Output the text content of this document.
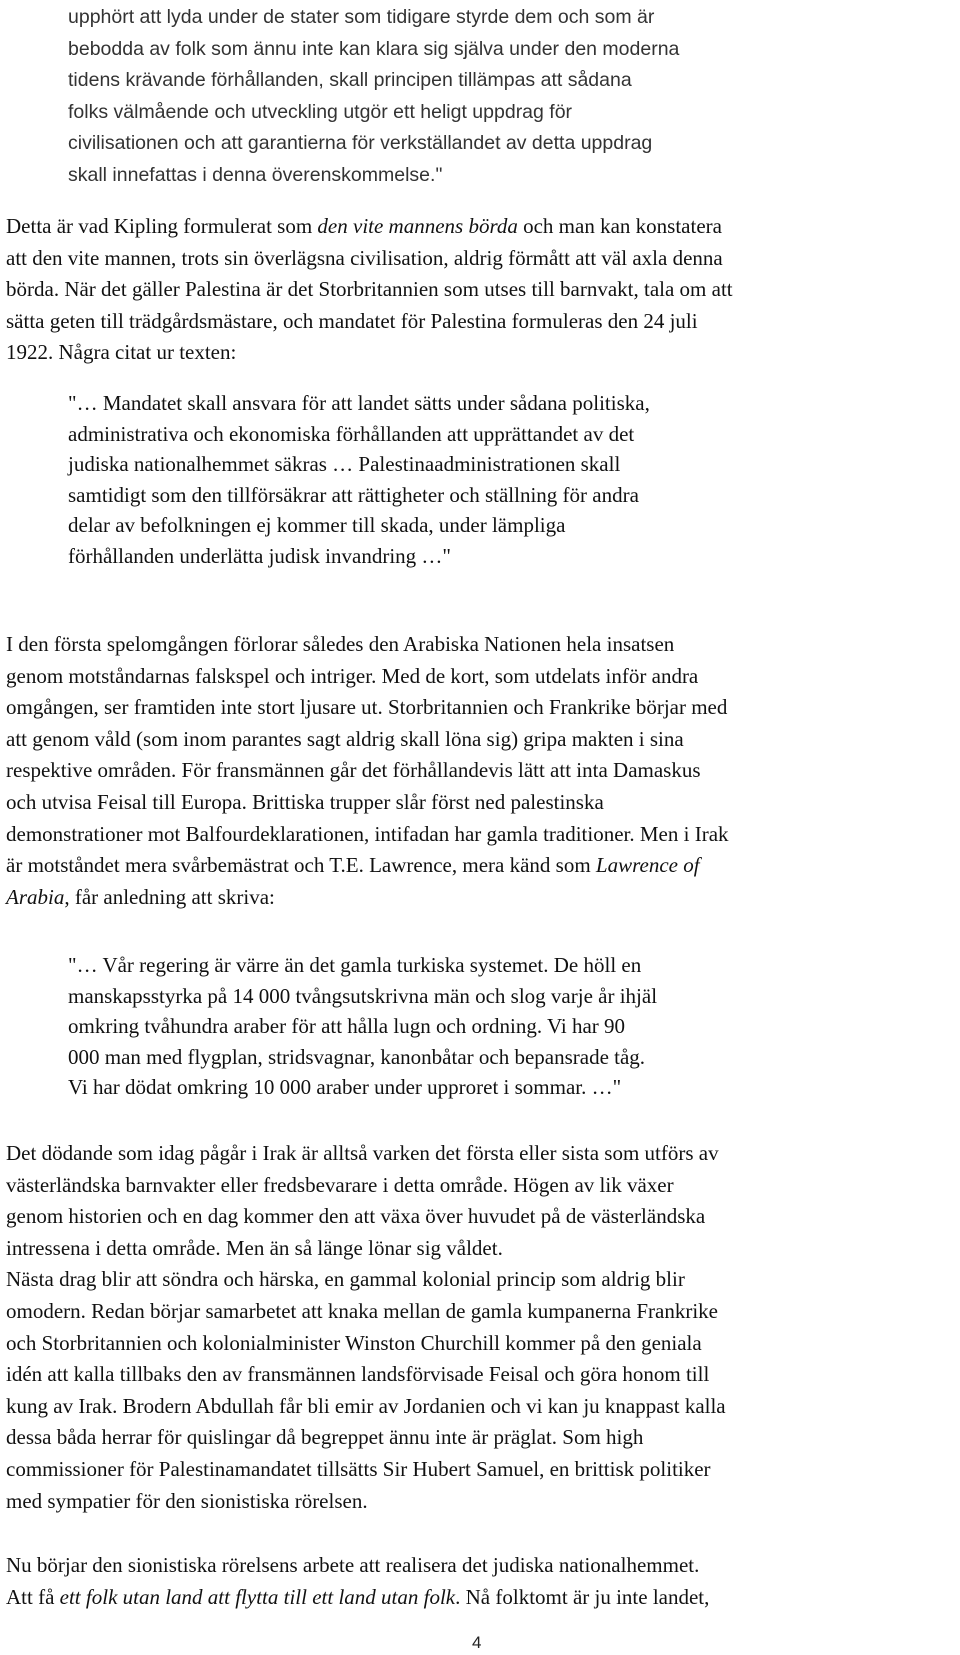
upphört att lyda under de stater som tidigare styrde dem och som är
bebodda av folk som ännu inte kan klara sig själva under den moderna
tidens krävande förhållanden, skall principen tillämpas att sådana
folks välmående och utveckling utgör ett heligt uppdrag för
civilisationen och att garantierna för verkställandet av detta uppdrag
skall innefattas i denna överenskommelse."
Detta är vad Kipling formulerat som den vite mannens börda och man kan konstatera
att den vite mannen, trots sin överlägsna civilisation, aldrig förmått att väl axla denna
börda. När det gäller Palestina är det Storbritannien som utses till barnvakt, tala om att
sätta geten till trädgårdsmästare, och mandatet för Palestina formuleras den 24 juli
1922. Några citat ur texten:
"… Mandatet skall ansvara för att landet sätts under sådana politiska,
administrativa och ekonomiska förhållanden att upprättandet av det
judiska nationalhemmet säkras … Palestinaadministrationen skall
samtidigt som den tillförsäkrar att rättigheter och ställning för andra
delar av befolkningen ej kommer till skada, under lämpliga
förhållanden underlätta judisk invandring …"
I den första spelomgången förlorar således den Arabiska Nationen hela insatsen
genom motståndarnas falskspel och intriger. Med de kort, som utdelats inför andra
omgången, ser framtiden inte stort ljusare ut. Storbritannien och Frankrike börjar med
att genom våld (som inom parantes sagt aldrig skall löna sig) gripa makten i sina
respektive områden. För fransmännen går det förhållandevis lätt att inta Damaskus
och utvisa Feisal till Europa. Brittiska trupper slår först ned palestinska
demonstrationer mot Balfourdeklarationen, intifadan har gamla traditioner. Men i Irak
är motståndet mera svårbemästrat och T.E. Lawrence, mera känd som Lawrence of
Arabia, får anledning att skriva:
"… Vår regering är värre än det gamla turkiska systemet. De höll en
manskapsstyrka på 14 000 tvångsutskrivna män och slog varje år ihjäl
omkring tvåhundra araber för att hålla lugn och ordning. Vi har 90
000 man med flygplan, stridsvagnar, kanonbåtar och bepansrade tåg.
Vi har dödat omkring 10 000 araber under upproret i sommar. …"
Det dödande som idag pågår i Irak är alltså varken det första eller sista som utförs av
västerländska barnvakter eller fredsbevarare i detta område. Högen av lik växer
genom historien och en dag kommer den att växa över huvudet på de västerländska
intressena i detta område. Men än så länge lönar sig våldet.
Nästa drag blir att söndra och härska, en gammal kolonial princip som aldrig blir
omodern. Redan börjar samarbetet att knaka mellan de gamla kumpanerna Frankrike
och Storbritannien och kolonialminister Winston Churchill kommer på den geniala
idén att kalla tillbaks den av fransmännen landsförvisade Feisal och göra honom till
kung av Irak. Brodern Abdullah får bli emir av Jordanien och vi kan ju knappast kalla
dessa båda herrar för quislingar då begreppet ännu inte är präglat. Som high
commissioner för Palestinamandatet tillsätts Sir Hubert Samuel, en brittisk politiker
med sympatier för den sionistiska rörelsen.
Nu börjar den sionistiska rörelsens arbete att realisera det judiska nationalhemmet.
Att få ett folk utan land att flytta till ett land utan folk. Nå folktomt är ju inte landet,
4
